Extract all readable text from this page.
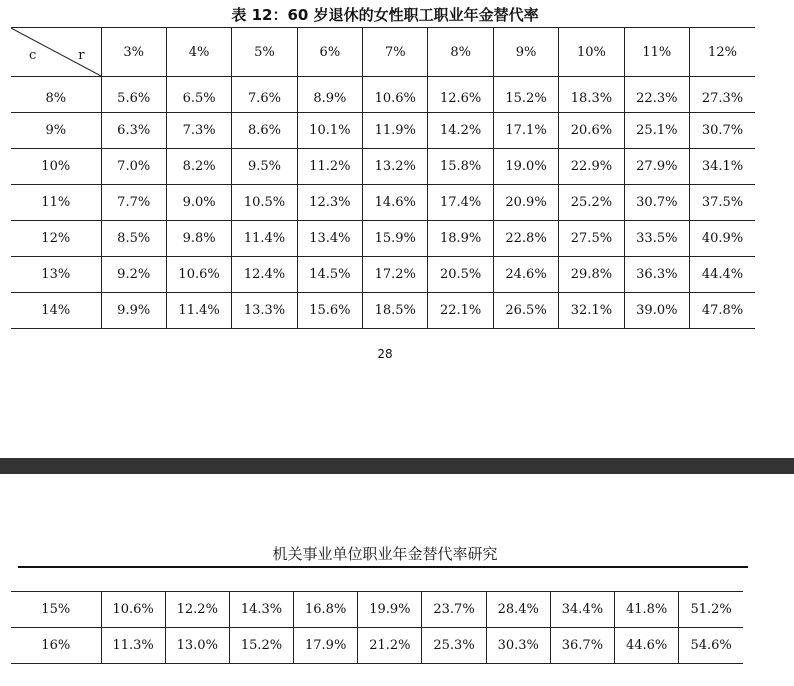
表 12：60 岁退休的女性职工职业年金替代率
c r	3%	4%	5%	6%	7%	8%	9%	10%	11%	12%
8%	5.6%	6.5%	7.6%	8.9%	10.6%	12.6%	15.2%	18.3%	22.3%	27.3%
9%	6.3%	7.3%	8.6%	10.1%	11.9%	14.2%	17.1%	20.6%	25.1%	30.7%
10%	7.0%	8.2%	9.5%	11.2%	13.2%	15.8%	19.0%	22.9%	27.9%	34.1%
11%	7.7%	9.0%	10.5%	12.3%	14.6%	17.4%	20.9%	25.2%	30.7%	37.5%
12%	8.5%	9.8%	11.4%	13.4%	15.9%	18.9%	22.8%	27.5%	33.5%	40.9%
13%	9.2%	10.6%	12.4%	14.5%	17.2%	20.5%	24.6%	29.8%	36.3%	44.4%
14%	9.9%	11.4%	13.3%	15.6%	18.5%	22.1%	26.5%	32.1%	39.0%	47.8%
28
机关事业单位职业年金替代率研究
15%	10.6%	12.2%	14.3%	16.8%	19.9%	23.7%	28.4%	34.4%	41.8%	51.2%
16%	11.3%	13.0%	15.2%	17.9%	21.2%	25.3%	30.3%	36.7%	44.6%	54.6%
